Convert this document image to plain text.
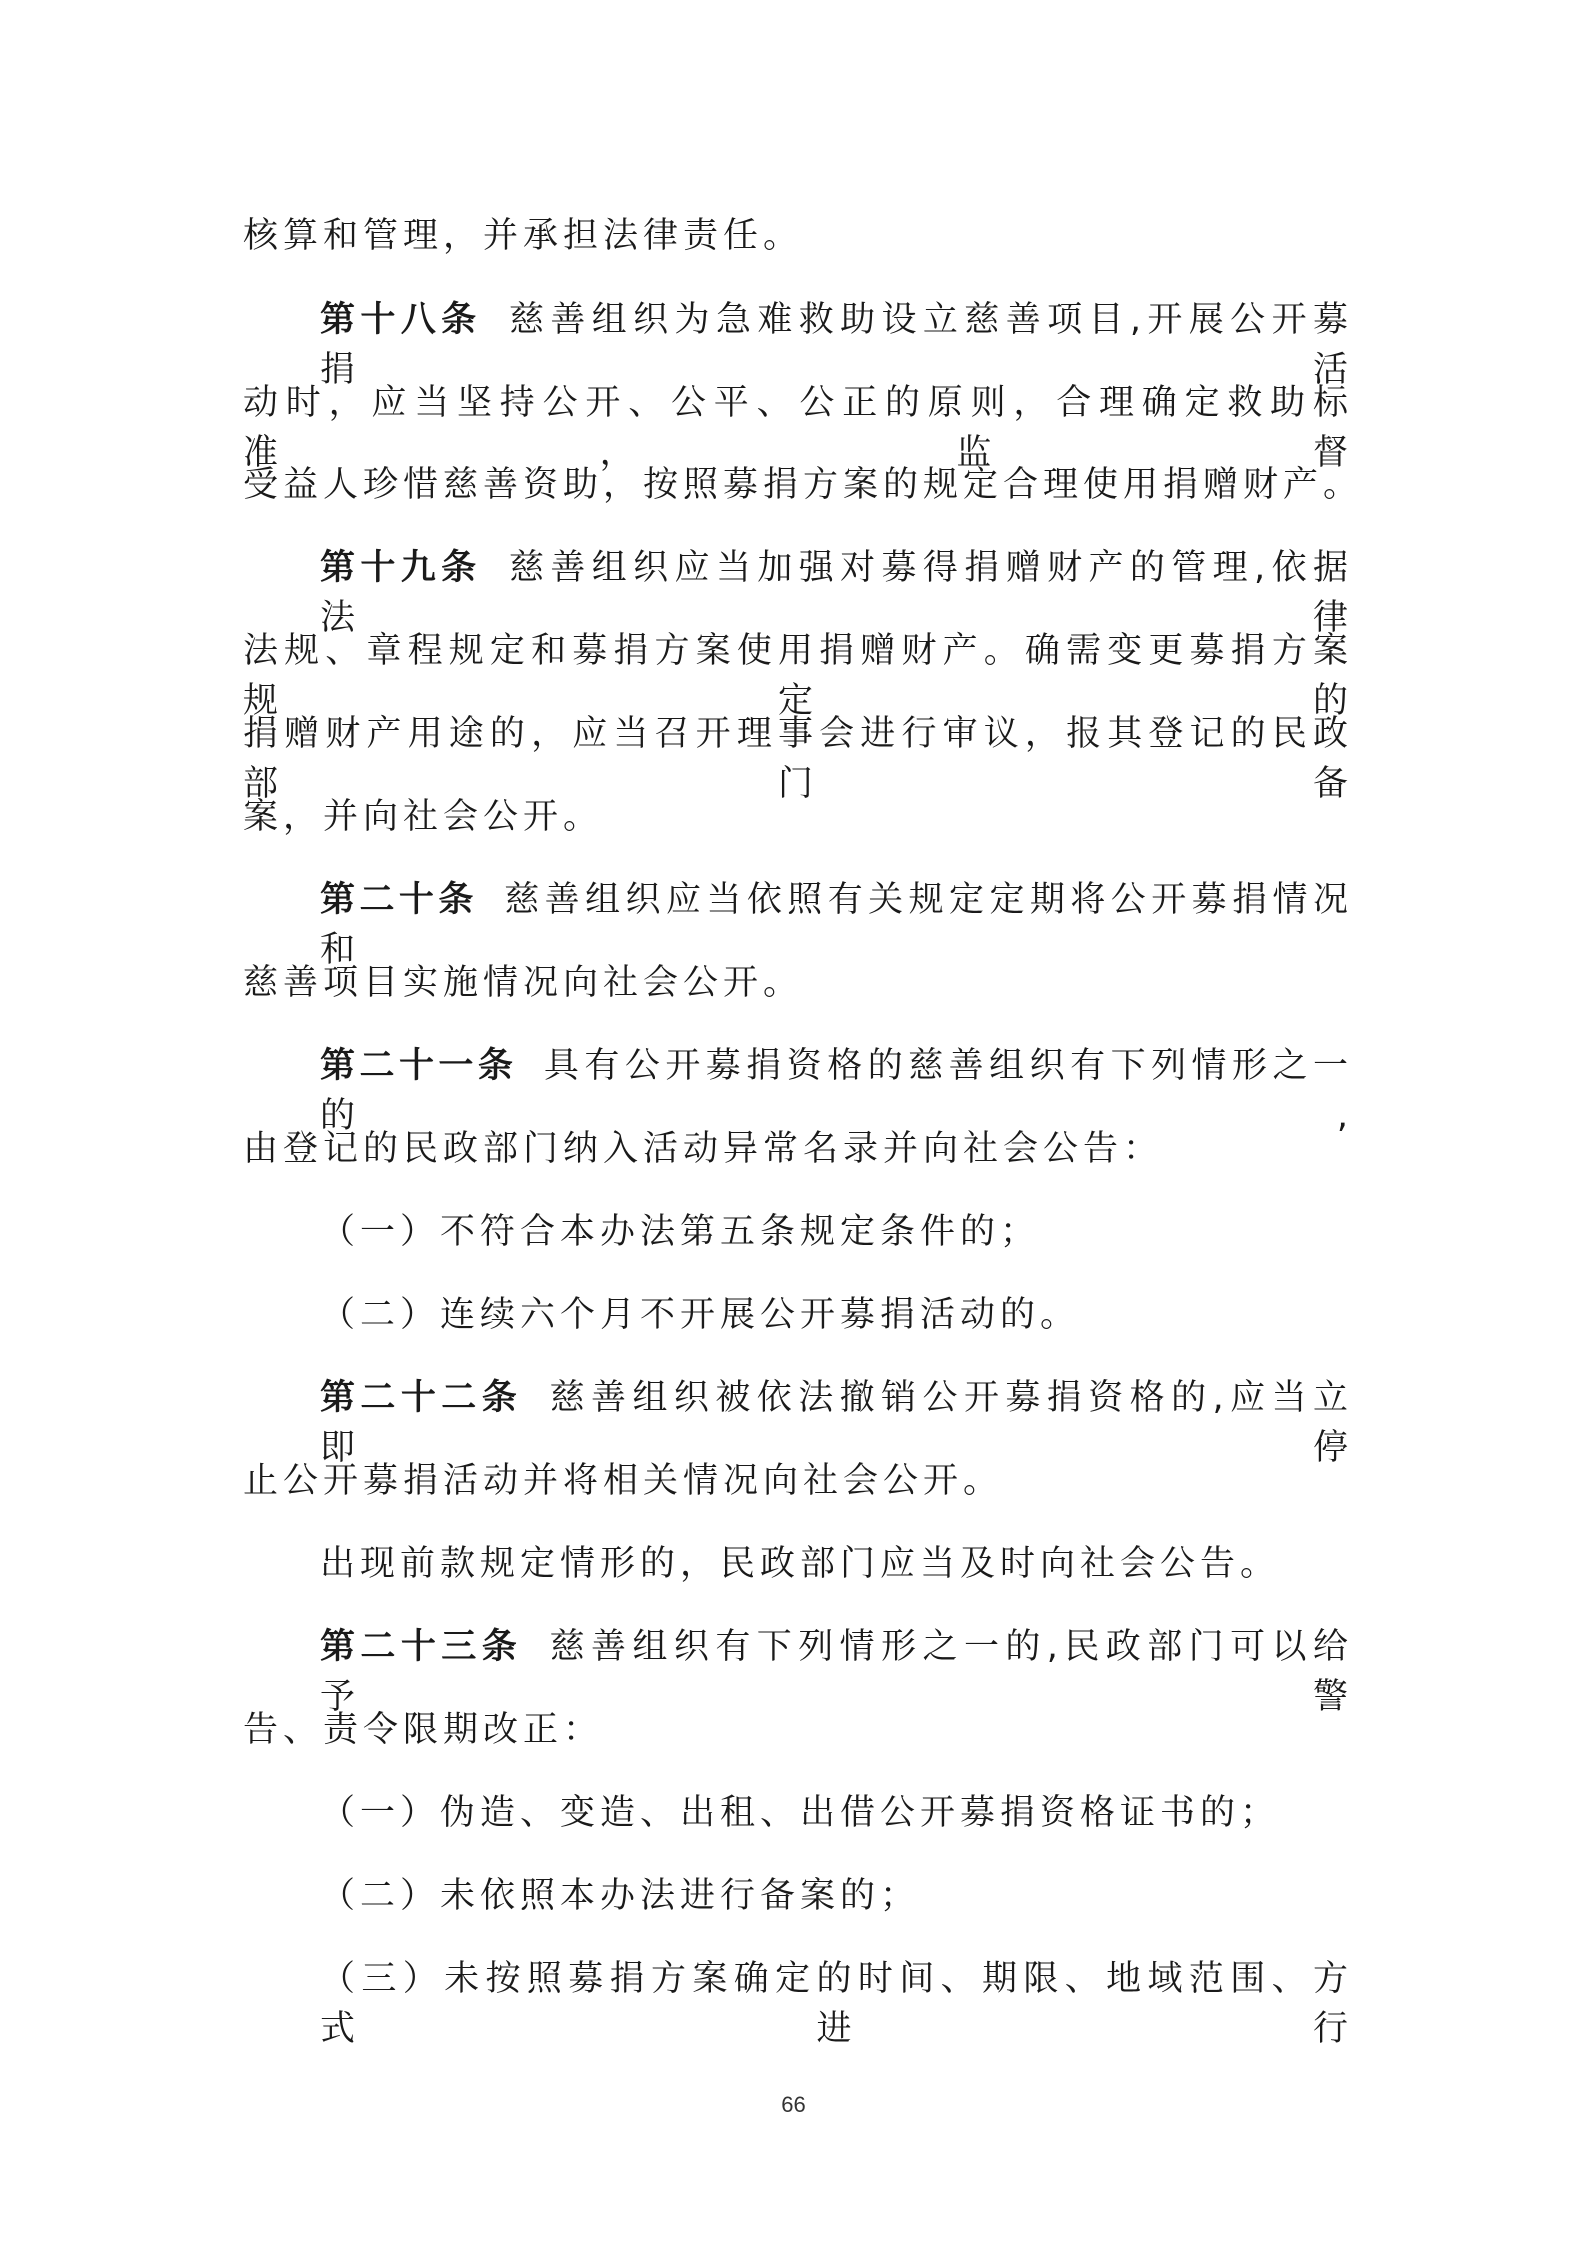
核算和管理，并承担法律责任。
第十八条 慈善组织为急难救助设立慈善项目,开展公开募捐活
动时，应当坚持公开、公平、公正的原则，合理确定救助标准，监督
受益人珍惜慈善资助，按照募捐方案的规定合理使用捐赠财产。
第十九条 慈善组织应当加强对募得捐赠财产的管理,依据法律
法规、章程规定和募捐方案使用捐赠财产。确需变更募捐方案规定的
捐赠财产用途的，应当召开理事会进行审议，报其登记的民政部门备
案，并向社会公开。
第二十条 慈善组织应当依照有关规定定期将公开募捐情况和
慈善项目实施情况向社会公开。
第二十一条 具有公开募捐资格的慈善组织有下列情形之一的,
由登记的民政部门纳入活动异常名录并向社会公告：
（一）不符合本办法第五条规定条件的；
（二）连续六个月不开展公开募捐活动的。
第二十二条 慈善组织被依法撤销公开募捐资格的,应当立即停
止公开募捐活动并将相关情况向社会公开。
出现前款规定情形的，民政部门应当及时向社会公告。
第二十三条 慈善组织有下列情形之一的,民政部门可以给予警
告、责令限期改正：
（一）伪造、变造、出租、出借公开募捐资格证书的；
（二）未依照本办法进行备案的；
（三）未按照募捐方案确定的时间、期限、地域范围、方式进行
66
